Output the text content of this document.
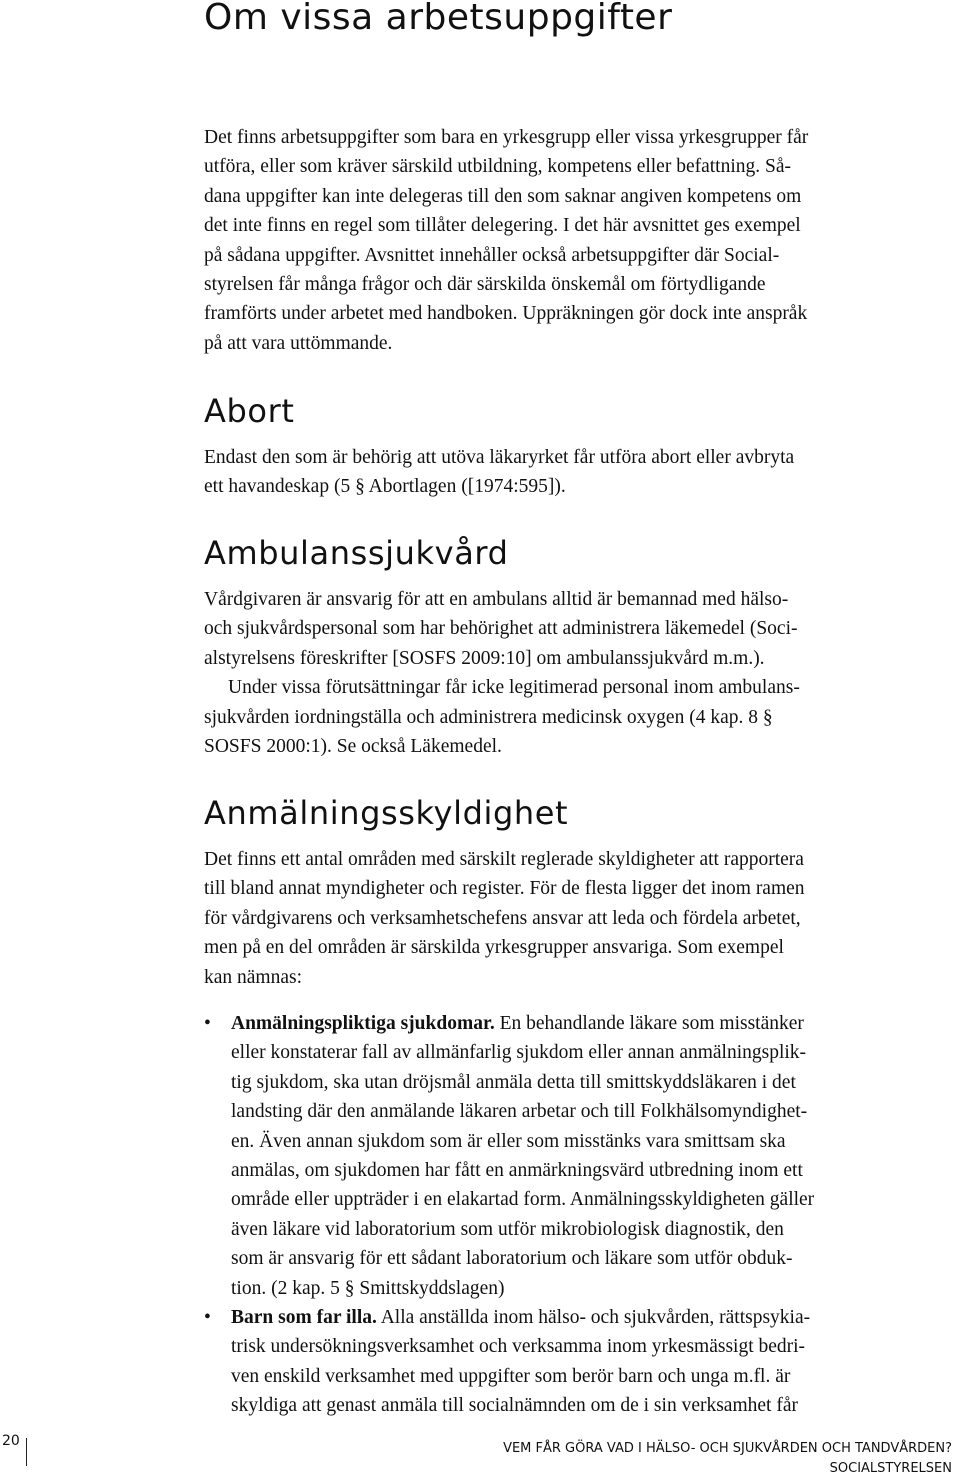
Om vissa arbetsuppgifter

Det finns arbetsuppgifter som bara en yrkesgrupp eller vissa yrkesgrupper får
utföra, eller som kräver särskild utbildning, kompetens eller befattning. Så-
dana uppgifter kan inte delegeras till den som saknar angiven kompetens om
det inte finns en regel som tillåter delegering. I det här avsnittet ges exempel
på sådana uppgifter. Avsnittet innehåller också arbetsuppgifter där Social-
styrelsen får många frågor och där särskilda önskemål om förtydligande
framförts under arbetet med handboken. Uppräkningen gör dock inte anspråk
på att vara uttömmande.

Abort

Endast den som är behörig att utöva läkaryrket får utföra abort eller avbryta
ett havandeskap (5 § Abortlagen ([1974:595]).

Ambulanssjukvård

Vårdgivaren är ansvarig för att en ambulans alltid är bemannad med hälso-
och sjukvårdspersonal som har behörighet att administrera läkemedel (Soci-
alstyrelsens föreskrifter [SOSFS 2009:10] om ambulanssjukvård m.m.).
Under vissa förutsättningar får icke legitimerad personal inom ambulans-
sjukvården iordningställa och administrera medicinsk oxygen (4 kap. 8 §
SOSFS 2000:1). Se också Läkemedel.

Anmälningsskyldighet

Det finns ett antal områden med särskilt reglerade skyldigheter att rapportera
till bland annat myndigheter och register. För de flesta ligger det inom ramen
för vårdgivarens och verksamhetschefens ansvar att leda och fördela arbetet,
men på en del områden är särskilda yrkesgrupper ansvariga. Som exempel
kan nämnas:

• Anmälningspliktiga sjukdomar. En behandlande läkare som misstänker
eller konstaterar fall av allmänfarlig sjukdom eller annan anmälningsplik-
tig sjukdom, ska utan dröjsmål anmäla detta till smittskyddsläkaren i det
landsting där den anmälande läkaren arbetar och till Folkhälsomyndighet-
en. Även annan sjukdom som är eller som misstänks vara smittsam ska
anmälas, om sjukdomen har fått en anmärkningsvärd utbredning inom ett
område eller uppträder i en elakartad form. Anmälningsskyldigheten gäller
även läkare vid laboratorium som utför mikrobiologisk diagnostik, den
som är ansvarig för ett sådant laboratorium och läkare som utför obduk-
tion. (2 kap. 5 § Smittskyddslagen)
• Barn som far illa. Alla anställda inom hälso- och sjukvården, rättspsykia-
trisk undersökningsverksamhet och verksamma inom yrkesmässigt bedri-
ven enskild verksamhet med uppgifter som berör barn och unga m.fl. är
skyldiga att genast anmäla till socialnämnden om de i sin verksamhet får
20	VEM FÅR GÖRA VAD I HÄLSO- OCH SJUKVÅRDEN OCH TANDVÅRDEN?
SOCIALSTYRELSEN
